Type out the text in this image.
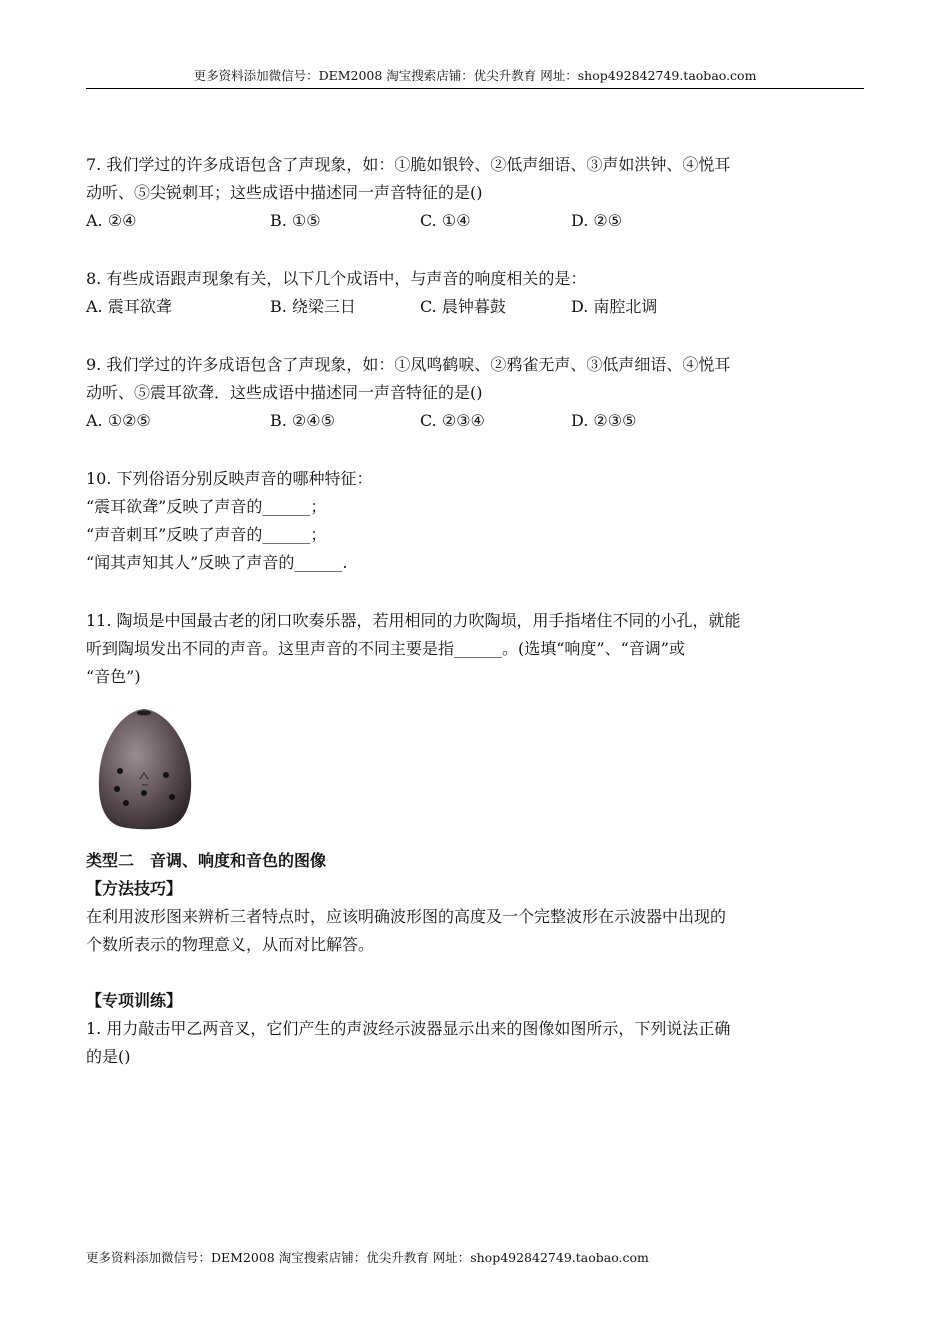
更多资料添加微信号：DEM2008 淘宝搜索店铺：优尖升教育 网址：shop492842749.taobao.com

7. 我们学过的许多成语包含了声现象，如：①脆如银铃、②低声细语、③声如洪钟、④悦耳

动听、⑤尖锐刺耳；这些成语中描述同一声音特征的是()

A. ②④	B. ①⑤	C. ①④	D. ②⑤

8. 有些成语跟声现象有关，以下几个成语中，与声音的响度相关的是：

A. 震耳欲聋	B. 绕梁三日	C. 晨钟暮鼓	D. 南腔北调

9. 我们学过的许多成语包含了声现象，如：①凤鸣鹤唳、②鸦雀无声、③低声细语、④悦耳

动听、⑤震耳欲聋．这些成语中描述同一声音特征的是()

A. ①②⑤	B. ②④⑤	C. ②③④	D. ②③⑤

10. 下列俗语分别反映声音的哪种特征：

“震耳欲聋”反映了声音的______；

“声音刺耳”反映了声音的______；

“闻其声知其人”反映了声音的______.

11. 陶埙是中国最古老的闭口吹奏乐器，若用相同的力吹陶埙，用手指堵住不同的小孔，就能

听到陶埙发出不同的声音。这里声音的不同主要是指______。(选填“响度”、“音调”或

“音色”)

类型二　音调、响度和音色的图像

【方法技巧】

在利用波形图来辨析三者特点时，应该明确波形图的高度及一个完整波形在示波器中出现的

个数所表示的物理意义，从而对比解答。

【专项训练】

1. 用力敲击甲乙两音叉，它们产生的声波经示波器显示出来的图像如图所示，下列说法正确

的是()

更多资料添加微信号：DEM2008 淘宝搜索店铺：优尖升教育 网址：shop492842749.taobao.com
